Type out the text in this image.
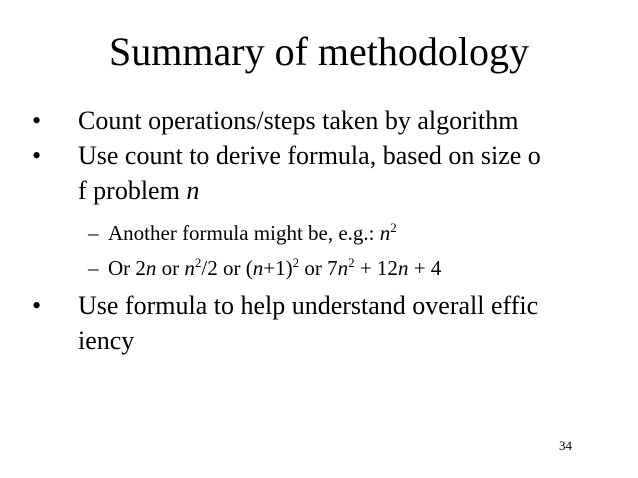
Summary of methodology
• Count operations/steps taken by algorithm
• Use count to derive formula, based on size o
f problem n
– Another formula might be, e.g.: $n^2$
– Or 2n or $n^2/2$ or $(n+1)^2$ or $7n^2 + 12n + 4$
• Use formula to help understand overall effic
iency
34
